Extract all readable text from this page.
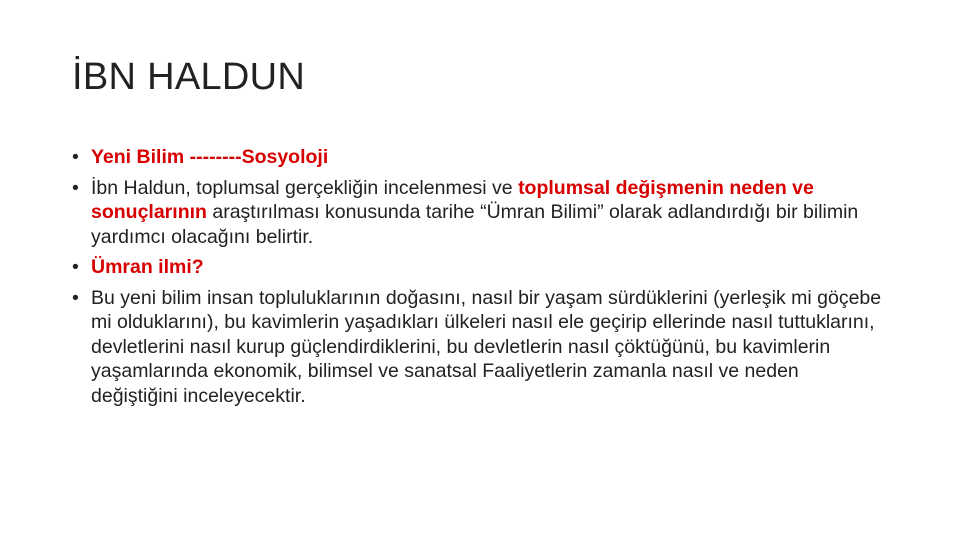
İBN HALDUN
• Yeni Bilim --------Sosyoloji
• İbn Haldun, toplumsal gerçekliğin incelenmesi ve toplumsal değişmenin neden ve sonuçlarının araştırılması konusunda tarihe “Ümran Bilimi” olarak adlandırdığı bir bilimin yardımcı olacağını belirtir.
• Ümran ilmi?
• Bu yeni bilim insan topluluklarının doğasını, nasıl bir yaşam sürdüklerini (yerleşik mi göçebe mi olduklarını), bu kavimlerin yaşadıkları ülkeleri nasıl ele geçirip ellerinde nasıl tuttuklarını, devletlerini nasıl kurup güçlendirdiklerini, bu devletlerin nasıl çöktüğünü, bu kavimlerin yaşamlarında ekonomik, bilimsel ve sanatsal Faaliyetlerin zamanla nasıl ve neden değiştiğini inceleyecektir.
